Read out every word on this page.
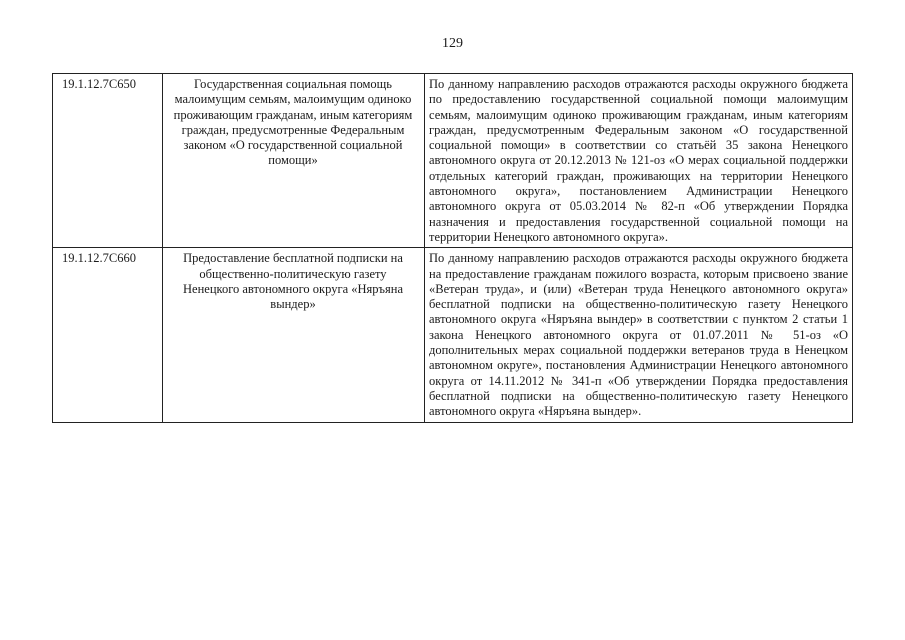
129
19.1.12.7С650	Государственная социальная помощь малоимущим семьям, малоимущим одиноко проживающим гражданам, иным категориям граждан, предусмотренные Федеральным законом «О государственной социальной помощи»	По данному направлению расходов отражаются расходы окружного бюджета по предоставлению государственной социальной помощи малоимущим семьям, малоимущим одиноко проживающим гражданам, иным категориям граждан, предусмотренным Федеральным законом «О государственной социальной помощи» в соответствии со статьёй 35 закона Ненецкого автономного округа от 20.12.2013 № 121-оз «О мерах социальной поддержки отдельных категорий граждан, проживающих на территории Ненецкого автономного округа», постановлением Администрации Ненецкого автономного округа от 05.03.2014 № 82-п «Об утверждении Порядка назначения и предоставления государственной социальной помощи на территории Ненецкого автономного округа».
19.1.12.7С660	Предоставление бесплатной подписки на общественно-политическую газету Ненецкого автономного округа «Няръяна вындер»	По данному направлению расходов отражаются расходы окружного бюджета на предоставление гражданам пожилого возраста, которым присвоено звание «Ветеран труда», и (или) «Ветеран труда Ненецкого автономного округа» бесплатной подписки на общественно-политическую газету Ненецкого автономного округа «Няръяна вындер» в соответствии с пунктом 2 статьи 1 закона Ненецкого автономного округа от 01.07.2011 № 51-оз «О дополнительных мерах социальной поддержки ветеранов труда в Ненецком автономном округе», постановления Администрации Ненецкого автономного округа от 14.11.2012 № 341-п «Об утверждении Порядка предоставления бесплатной подписки на общественно-политическую газету Ненецкого автономного округа «Няръяна вындер».
